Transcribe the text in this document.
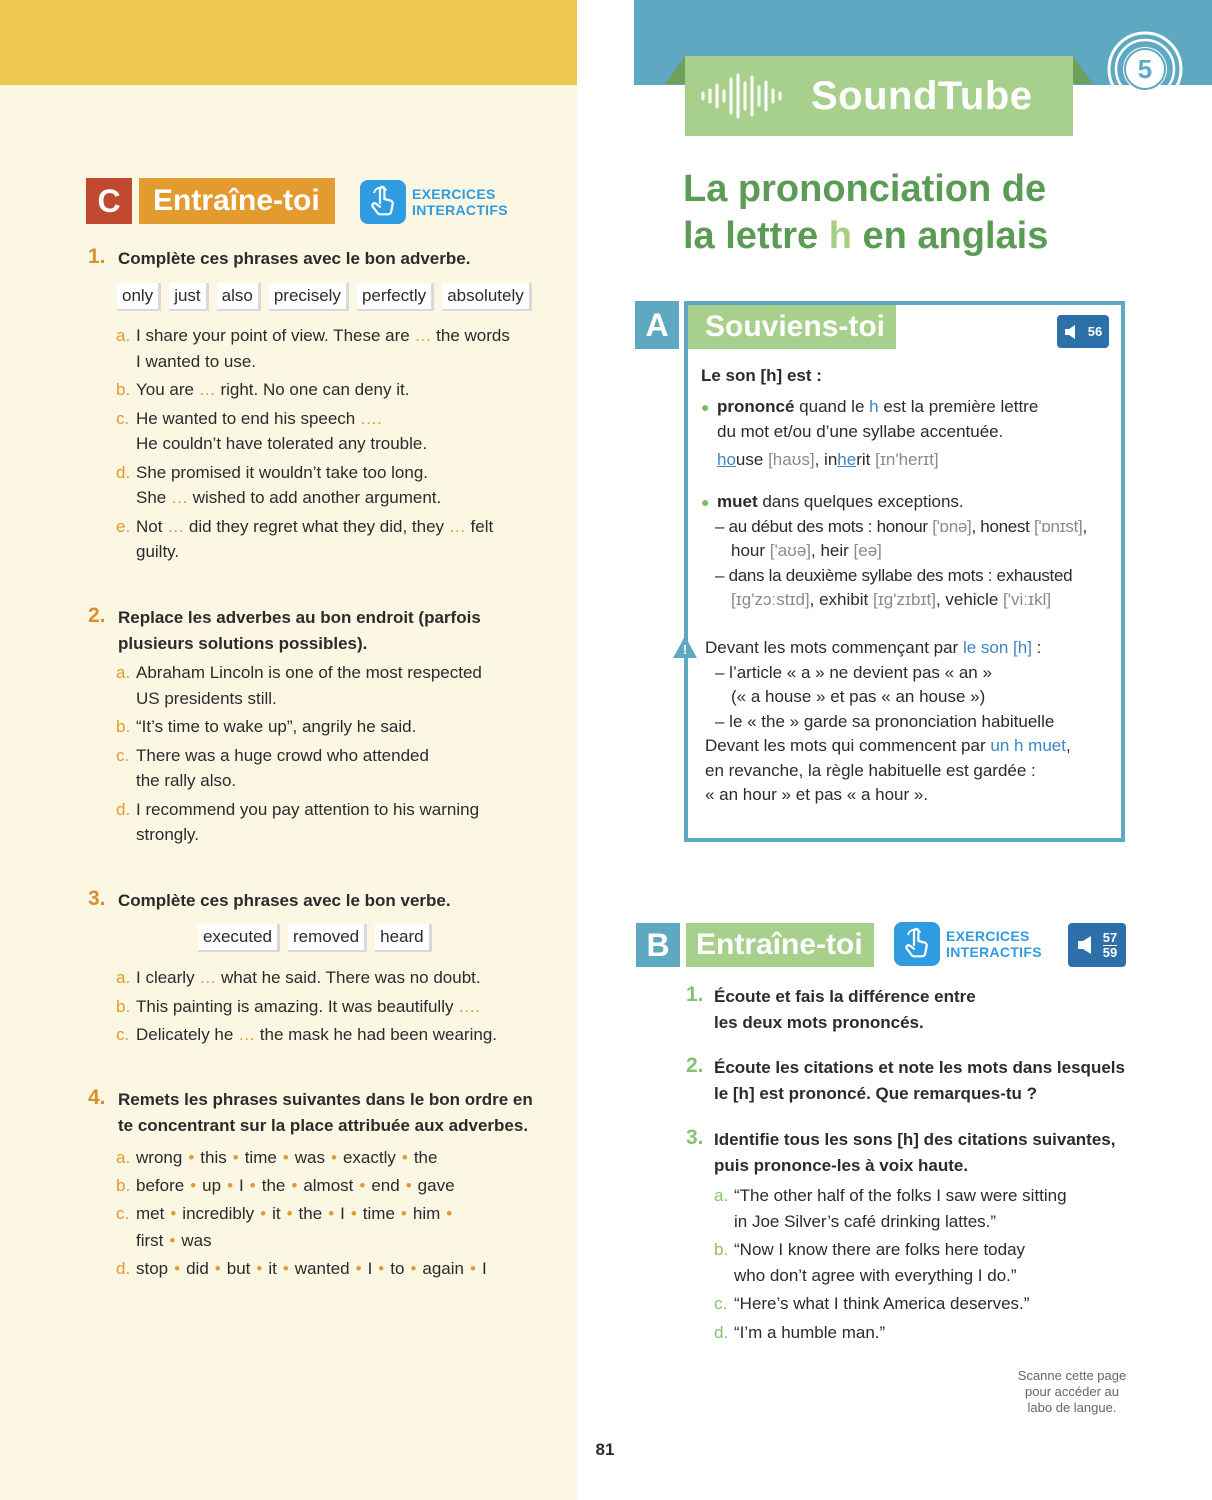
C	Entraîne-toi	EXERCICES
INTERACTIFS
1. Complète ces phrases avec le bon adverbe.
only	just	also	precisely	perfectly	absolutely
a. I share your point of view. These are … the words
I wanted to use.
b. You are … right. No one can deny it.
c. He wanted to end his speech ….
He couldn’t have tolerated any trouble.
d. She promised it wouldn’t take too long.
She … wished to add another argument.
e. Not … did they regret what they did, they … felt
guilty.
2. Replace les adverbes au bon endroit (parfois
plusieurs solutions possibles).
a. Abraham Lincoln is one of the most respected
US presidents still.
b. “It’s time to wake up”, angrily he said.
c. There was a huge crowd who attended
the rally also.
d. I recommend you pay attention to his warning
strongly.
3. Complète ces phrases avec le bon verbe.
executed	removed	heard
a. I clearly … what he said. There was no doubt.
b. This painting is amazing. It was beautifully ….
c. Delicately he … the mask he had been wearing.
4. Remets les phrases suivantes dans le bon ordre en
te concentrant sur la place attribuée aux adverbes.
a. wrong • this • time • was • exactly • the
b. before • up • I • the • almost • end • gave
c. met • incredibly • it • the • I • time • him •
first • was
d. stop • did • but • it • wanted • I • to • again • I
SoundTube
5
La prononciation de
la lettre h en anglais
A	Souviens-toi	56
Le son [h] est :
● prononcé quand le h est la première lettre
du mot et/ou d’une syllabe accentuée.
house [haʊs], inherit [ɪn'herɪt]
● muet dans quelques exceptions.
– au début des mots : honour ['ɒnə], honest ['ɒnɪst],
hour ['aʊə], heir [eə]
– dans la deuxième syllabe des mots : exhausted
[ɪg'zɔːstɪd], exhibit [ɪg'zɪbɪt], vehicle ['viːɪkl]
!	Devant les mots commençant par le son [h] :
– l’article « a » ne devient pas « an »
(« a house » et pas « an house »)
– le « the » garde sa prononciation habituelle
Devant les mots qui commencent par un h muet,
en revanche, la règle habituelle est gardée :
« an hour » et pas « a hour ».
B Entraîne-toi	EXERCICES
INTERACTIFS
57
59
1. Écoute et fais la différence entre
les deux mots prononcés.
2. Écoute les citations et note les mots dans lesquels
le [h] est prononcé. Que remarques-tu ?
3. Identifie tous les sons [h] des citations suivantes,
puis prononce-les à voix haute.
a. “The other half of the folks I saw were sitting
in Joe Silver’s café drinking lattes.”
b. “Now I know there are folks here today
who don’t agree with everything I do.”
c. “Here’s what I think America deserves.”
d. “I’m a humble man.”
Scanne cette page
pour accéder au
labo de langue.
81
